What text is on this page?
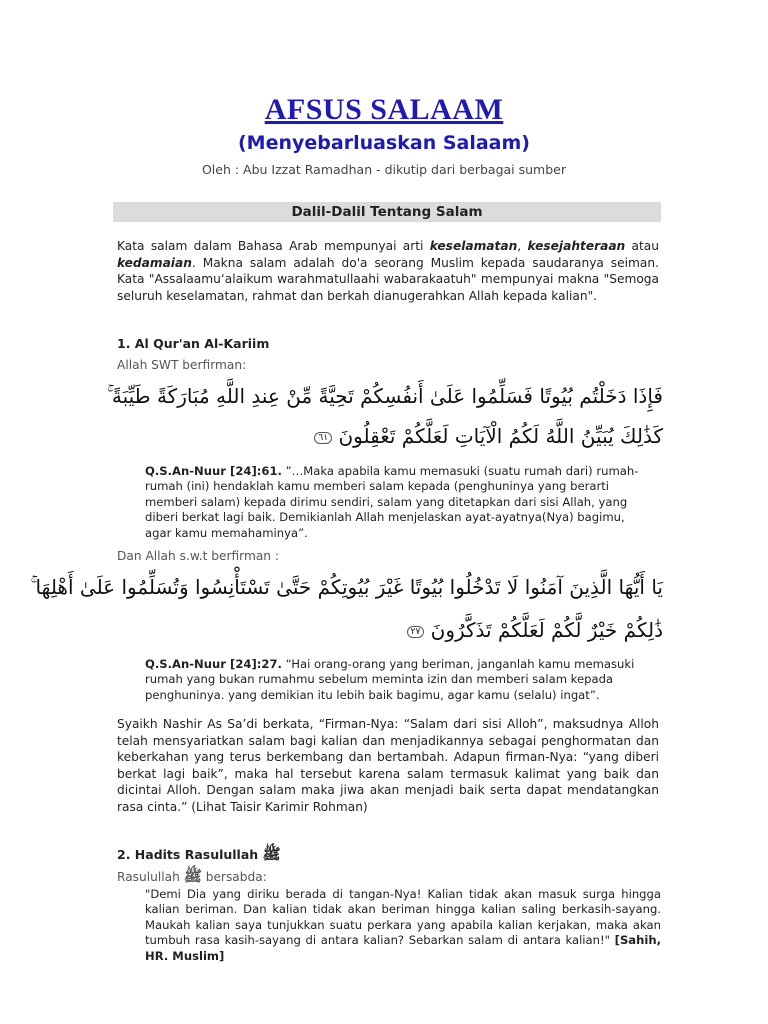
AFSUS SALAAM
(Menyebarluaskan Salaam)
Oleh : Abu Izzat Ramadhan - dikutip dari berbagai sumber
Dalil-Dalil Tentang Salam
Kata salam dalam Bahasa Arab mempunyai arti keselamatan, kesejahteraan atau kedamaian. Makna salam adalah do'a seorang Muslim kepada saudaranya seiman. Kata "Assalaamu‘alaikum warahmatullaahi wabarakaatuh" mempunyai makna "Semoga seluruh keselamatan, rahmat dan berkah dianugerahkan Allah kepada kalian".
1. Al Qur'an Al-Kariim
Allah SWT berfirman:
فَإِذَا دَخَلْتُم بُيُوتًا فَسَلِّمُوا عَلَىٰ أَنفُسِكُمْ تَحِيَّةً مِّنْ عِندِ اللَّهِ مُبَارَكَةً طَيِّبَةً ۚ
كَذَٰلِكَ يُبَيِّنُ اللَّهُ لَكُمُ الْآيَاتِ لَعَلَّكُمْ تَعْقِلُونَ ٦١
Q.S.An-Nuur [24]:61. ”…Maka apabila kamu memasuki (suatu rumah dari) rumah-rumah (ini) hendaklah kamu memberi salam kepada (penghuninya yang berarti memberi salam) kepada dirimu sendiri, salam yang ditetapkan dari sisi Allah, yang diberi berkat lagi baik. Demikianlah Allah menjelaskan ayat-ayatnya(Nya) bagimu, agar kamu memahaminya”.
Dan Allah s.w.t berfirman :
يَا أَيُّهَا الَّذِينَ آمَنُوا لَا تَدْخُلُوا بُيُوتًا غَيْرَ بُيُوتِكُمْ حَتَّىٰ تَسْتَأْنِسُوا وَتُسَلِّمُوا عَلَىٰ أَهْلِهَا ۚ
ذَٰلِكُمْ خَيْرٌ لَّكُمْ لَعَلَّكُمْ تَذَكَّرُونَ ٢٧
Q.S.An-Nuur [24]:27. “Hai orang-orang yang beriman, janganlah kamu memasuki rumah yang bukan rumahmu sebelum meminta izin dan memberi salam kepada penghuninya. yang demikian itu lebih baik bagimu, agar kamu (selalu) ingat”.
Syaikh Nashir As Sa’di berkata, “Firman-Nya: “Salam dari sisi Alloh”, maksudnya Alloh telah mensyariatkan salam bagi kalian dan menjadikannya sebagai penghormatan dan keberkahan yang terus berkembang dan bertambah. Adapun firman-Nya: “yang diberi berkat lagi baik”, maka hal tersebut karena salam termasuk kalimat yang baik dan dicintai Alloh. Dengan salam maka jiwa akan menjadi baik serta dapat mendatangkan rasa cinta.” (Lihat Taisir Karimir Rohman)
2. Hadits Rasulullah ﷺ
Rasulullah ﷺ bersabda:
"Demi Dia yang diriku berada di tangan-Nya! Kalian tidak akan masuk surga hingga kalian beriman. Dan kalian tidak akan beriman hingga kalian saling berkasih-sayang. Maukah kalian saya tunjukkan suatu perkara yang apabila kalian kerjakan, maka akan tumbuh rasa kasih-sayang di antara kalian? Sebarkan salam di antara kalian!" [Sahih, HR. Muslim]
